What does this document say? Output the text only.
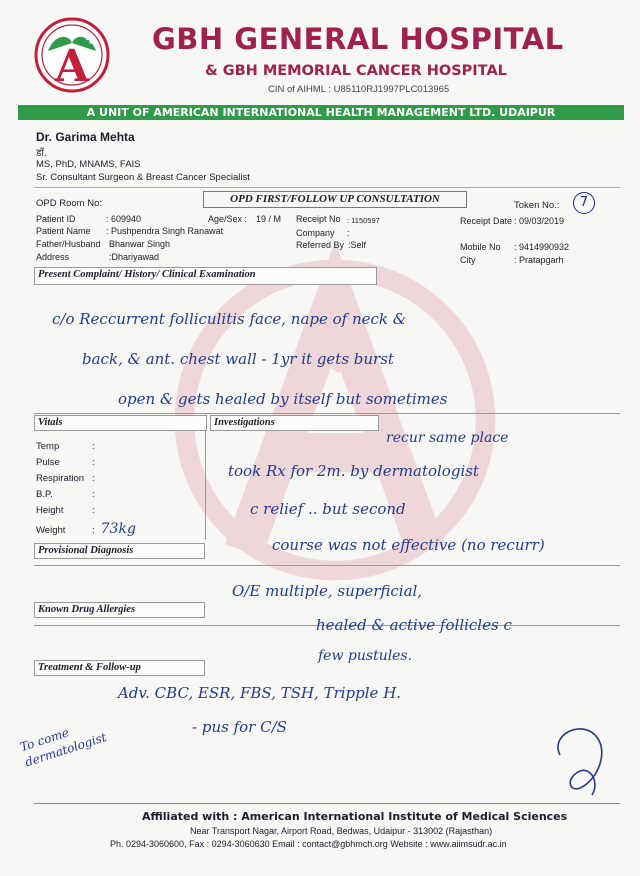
A
GBH GENERAL HOSPITAL
& GBH MEMORIAL CANCER HOSPITAL
CIN of AIHML : U85110RJ1997PLC013965
A UNIT OF AMERICAN INTERNATIONAL HEALTH MANAGEMENT LTD. UDAIPUR
Dr. Garima Mehta
डॉ.
MS, PhD, MNAMS, FAIS
Sr. Consultant Surgeon & Breast Cancer Specialist
OPD Room No:	OPD FIRST/FOLLOW UP CONSULTATION
Token No.:	7
Patient ID	: 609940	Age/Sex : 19 / M Receipt No : 1150597	Receipt Date : 09/03/2019
Patient Name : Pushpendra Singh Ranawat	Company :
Father/Husband Bhanwar Singh	Referred By :Self	Mobile No : 9414990932
Address	:Dhariyawad	City	: Pratapgarh
Present Complaint/ History/ Clinical Examination
Vitals	Investigations
Temp	:
Pulse	:
Respiration :
B.P.	:
Height	:
Weight	: 73kg
Provisional Diagnosis
Known Drug Allergies
Treatment & Follow-up
c/o Reccurrent folliculitis face, nape of neck &
back, & ant. chest wall - 1yr it gets burst
open & gets healed by itself but sometimes
recur same place
took Rx for 2m. by dermatologist
c relief .. but second
course was not effective (no recurr)
O/E multiple, superficial,
healed & active follicles c
few pustules.
Adv. CBC, ESR, FBS, TSH, Tripple H.
- pus for C/S
To come dermatologist
Affiliated with : American International Institute of Medical Sciences
Near Transport Nagar, Airport Road, Bedwas, Udaipur - 313002 (Rajasthan)
Ph. 0294-3060600, Fax : 0294-3060630 Email : contact@gbhmch.org Website : www.aiimsudr.ac.in
